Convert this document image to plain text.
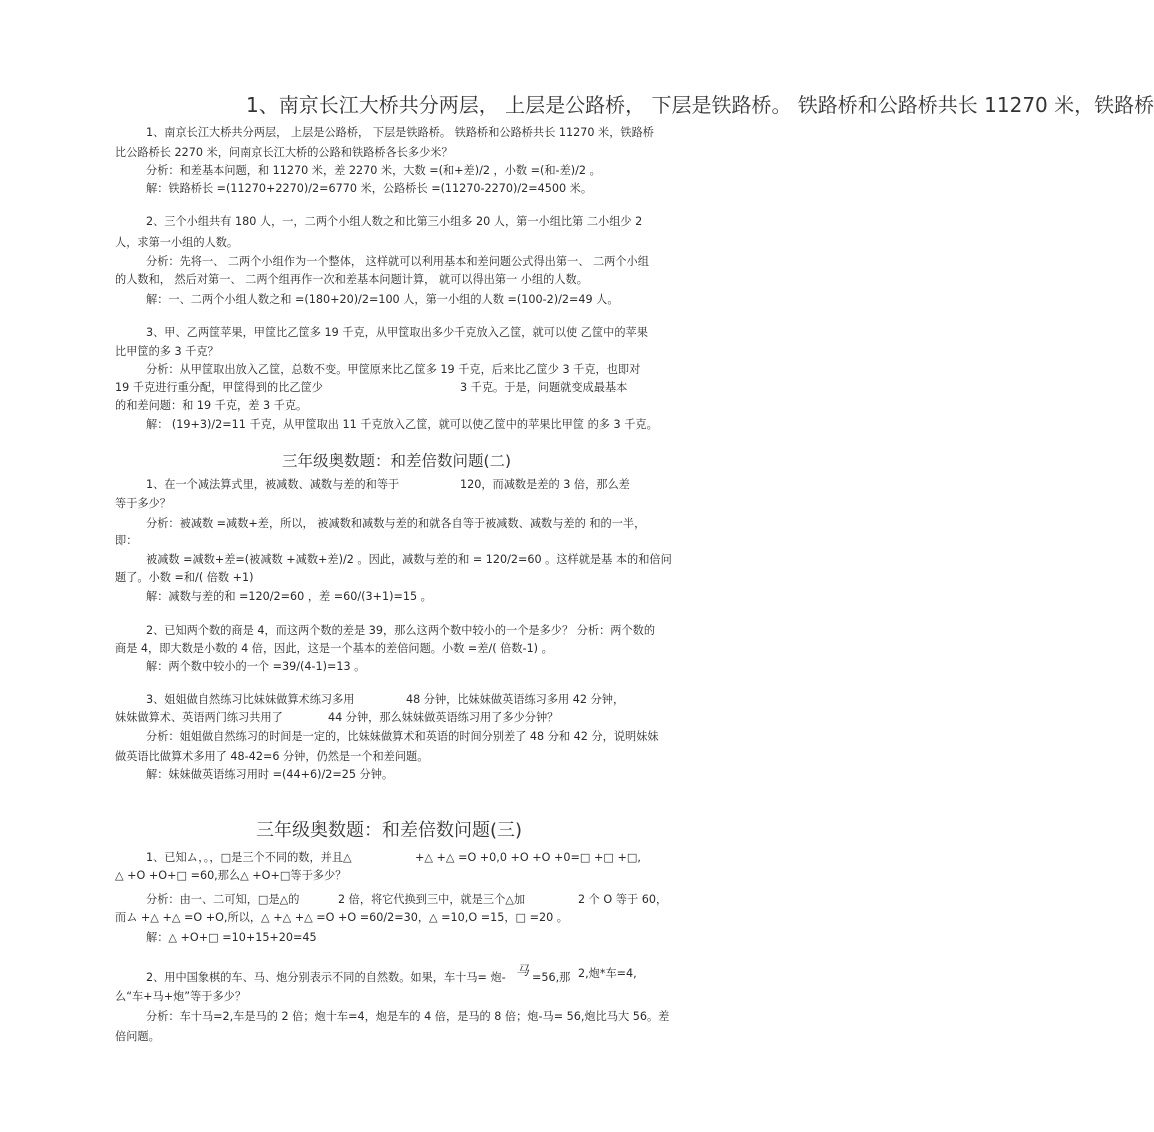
1、南京长江大桥共分两层， 上层是公路桥， 下层是铁路桥。 铁路桥和公路桥共长 11270 米，铁路桥
1、南京长江大桥共分两层， 上层是公路桥， 下层是铁路桥。 铁路桥和公路桥共长 11270 米，铁路桥
比公路桥长 2270 米，问南京长江大桥的公路和铁路桥各长多少米？
分析：和差基本问题，和 11270 米，差 2270 米，大数 =(和+差)/2 ，小数 =(和-差)/2 。
解：铁路桥长 =(11270+2270)/2=6770 米，公路桥长 =(11270-2270)/2=4500 米。
2、三个小组共有 180 人，一，二两个小组人数之和比第三小组多 20 人，第一小组比第 二小组少 2
人，求第一小组的人数。
分析：先将一、 二两个小组作为一个整体， 这样就可以利用基本和差问题公式得出第一、 二两个小组
的人数和， 然后对第一、 二两个组再作一次和差基本问题计算， 就可以得出第一 小组的人数。
解：一、二两个小组人数之和 =(180+20)/2=100 人，第一小组的人数 =(100-2)/2=49 人。
3、甲、乙两筐苹果，甲筐比乙筐多 19 千克，从甲筐取出多少千克放入乙筐，就可以使 乙筐中的苹果
比甲筐的多 3 千克？
分析：从甲筐取出放入乙筐，总数不变。甲筐原来比乙筐多 19 千克，后来比乙筐少 3 千克，也即对
19 千克进行重分配，甲筐得到的比乙筐少	3 千克。于是，问题就变成最基本
的和差问题：和 19 千克，差 3 千克。
解： (19+3)/2=11 千克，从甲筐取出 11 千克放入乙筐，就可以使乙筐中的苹果比甲筐 的多 3 千克。
三年级奥数题：和差倍数问题(二)
1、在一个减法算式里，被减数、减数与差的和等于	120，而减数是差的 3 倍，那么差
等于多少？
分析：被减数 =减数+差，所以， 被减数和减数与差的和就各自等于被减数、减数与差的 和的一半，
即：
被减数 =减数+差=(被减数 +减数+差)/2 。因此，减数与差的和 = 120/2=60 。这样就是基 本的和倍问
题了。小数 =和/( 倍数 +1)
解：减数与差的和 =120/2=60 ，差 =60/(3+1)=15 。
2、已知两个数的商是 4，而这两个数的差是 39，那么这两个数中较小的一个是多少？ 分析：两个数的
商是 4，即大数是小数的 4 倍，因此，这是一个基本的差倍问题。小数 =差/( 倍数-1) 。
解：两个数中较小的一个 =39/(4-1)=13 。
3、姐姐做自然练习比妹妹做算术练习多用	48 分钟，比妹妹做英语练习多用 42 分钟，
妹妹做算术、英语两门练习共用了	44 分钟，那么妹妹做英语练习用了多少分钟？
分析：姐姐做自然练习的时间是一定的，比妹妹做算术和英语的时间分别差了 48 分和 42 分，说明妹妹
做英语比做算术多用了 48-42=6 分钟，仍然是一个和差问题。
解：妹妹做英语练习用时 =(44+6)/2=25 分钟。
三年级奥数题：和差倍数问题(三)
1、已知ム，。，□是三个不同的数，并且△	+△ +△ =O +0,0 +O +O +0=□ +□ +□,
△ +O +O+□ =60,那么△ +O+□等于多少？
分析：由一、二可知，□是△的	2 倍，将它代换到三中，就是三个△加	2 个 O 等于 60，
而ム +△ +△ =O +O,所以，△ +△ +△ =O +O =60/2=30，△ =10,O =15，□ =20 。
解：△ +O+□ =10+15+20=45
2、用中国象棋的车、马、炮分别表示不同的自然数。如果，车十马= 炮- 马 =56,那 2,炮*车=4,
么“车+马+炮”等于多少？
分析：车十马=2,车是马的 2 倍；炮十车=4，炮是车的 4 倍，是马的 8 倍；炮-马= 56,炮比马大 56。差
倍问题。
